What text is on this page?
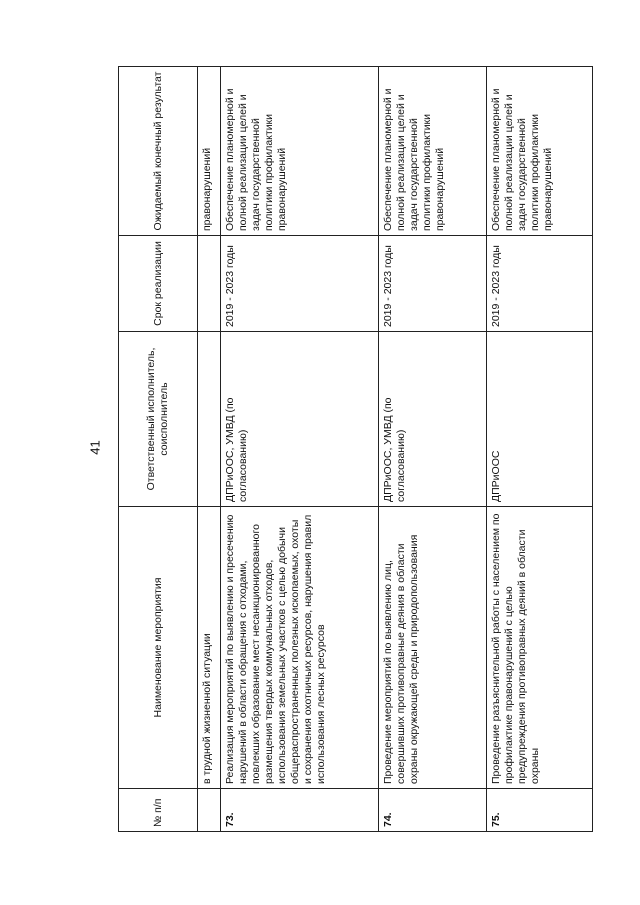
41
№ п/п	Наименование мероприятия	Ответственный исполнитель, соисполнитель	Срок реализации	Ожидаемый конечный результат
	в трудной жизненной ситуации			правонарушений
73.	Реализация мероприятий по выявлению и пресечению нарушений в области обращения с отходами, повлекших образование мест несанкционированного размещения твердых коммунальных отходов, использования земельных участков с целью добычи общераспространенных полезных ископаемых, охоты и сохранения охотничьих ресурсов, нарушения правил использования лесных ресурсов	ДПРиООС, УМВД (по согласованию)	2019 - 2023 годы	Обеспечение планомерной и полной реализации целей и задач государственной политики профилактики правонарушений
74.	Проведение мероприятий по выявлению лиц, совершивших противоправные деяния в области охраны окружающей среды и природопользования	ДПРиООС, УМВД (по согласованию)	2019 - 2023 годы	Обеспечение планомерной и полной реализации целей и задач государственной политики профилактики правонарушений
75.	Проведение разъяснительной работы с населением по профилактике правонарушений с целью предупреждения противоправных деяний в области охраны	ДПРиООС	2019 - 2023 годы	Обеспечение планомерной и полной реализации целей и задач государственной политики профилактики правонарушений
